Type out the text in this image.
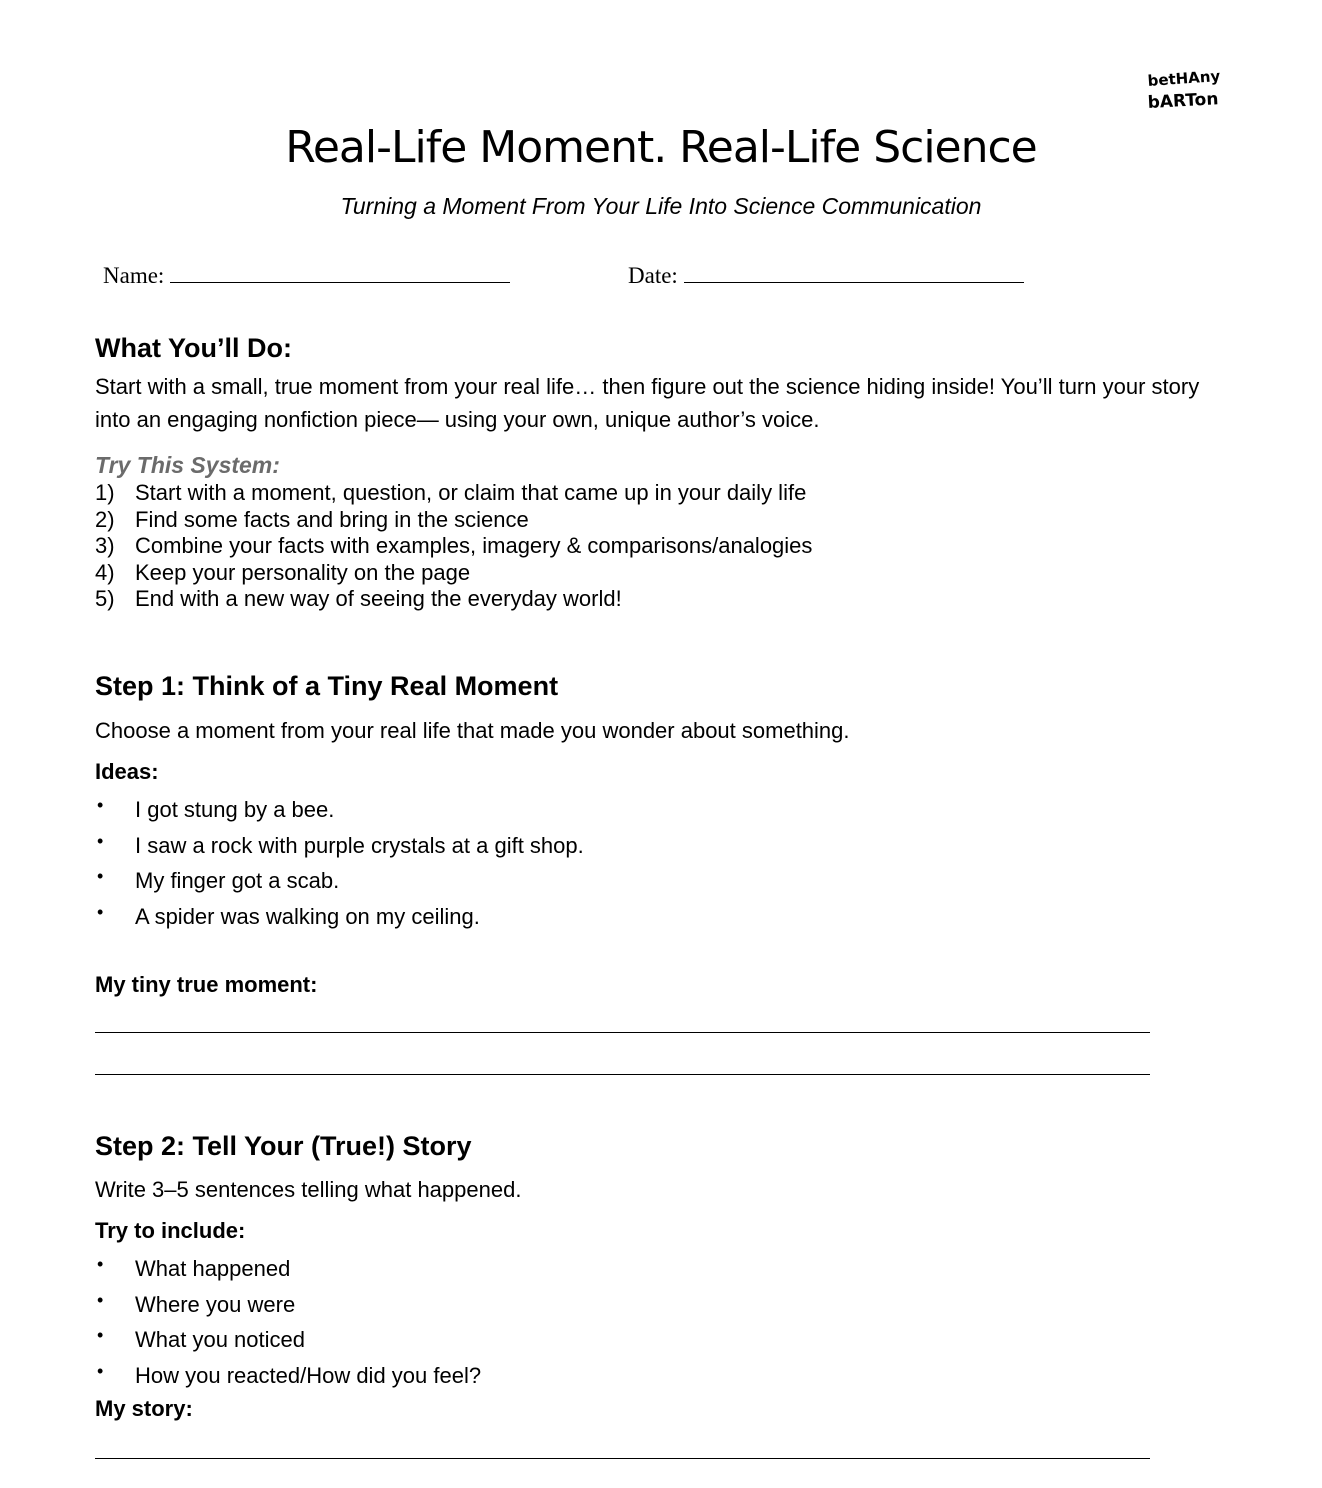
betHAny
bARTon
Real-Life Moment. Real-Life Science
Turning a Moment From Your Life Into Science Communication
Name:	Date:
What You’ll Do:
Start with a small, true moment from your real life… then figure out the science hiding inside! You’ll turn your story into an engaging nonfiction piece— using your own, unique author’s voice.
Try This System:
1) Start with a moment, question, or claim that came up in your daily life
2) Find some facts and bring in the science
3) Combine your facts with examples, imagery & comparisons/analogies
4) Keep your personality on the page
5) End with a new way of seeing the everyday world!
Step 1: Think of a Tiny Real Moment
Choose a moment from your real life that made you wonder about something.
Ideas:
• I got stung by a bee.
• I saw a rock with purple crystals at a gift shop.
• My finger got a scab.
• A spider was walking on my ceiling.
My tiny true moment:
Step 2: Tell Your (True!) Story
Write 3–5 sentences telling what happened.
Try to include:
• What happened
• Where you were
• What you noticed
• How you reacted/How did you feel?
My story:
